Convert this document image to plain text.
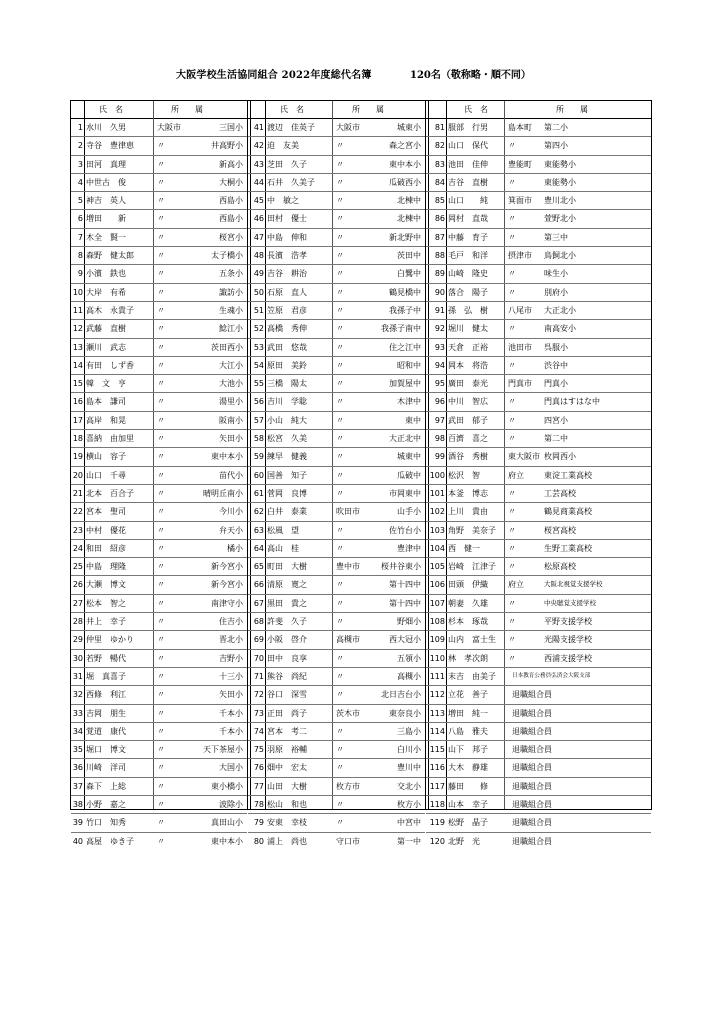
大阪学校生活協同組合 2022年度総代名簿	120名（敬称略・順不同）
氏　名	所　　属
1 水川　久男	大阪市	三国小
2 寺谷　豊律恵	〃	井高野小
3 田河　真理	〃	新高小
4 中世古　俊	〃	大桐小
5 神吉　英人	〃	西島小
6 増田　　新	〃	西島小
7 木全　賢一	〃	桜宮小
8 森野　健太郎	〃	太子橋小
9 小濱　鉄也	〃	五条小
10 大岸　有希	〃	諏訪小
11 高木　永貴子	〃	生魂小
12 武藤　直樹	〃	鯰江小
13 瀬川　武志	〃	茨田西小
14 有田　しず香	〃	大江小
15 韓　文　亨	〃	大池小
16 島本　謙司	〃	湯里小
17 高岸　和晃	〃	阪南小
18 喜納　由加里	〃	矢田小
19 横山　容子	〃	東中本小
20 山口　千尋	〃	苗代小
21 北本　百合子	〃	晴明丘南小
22 宮本　聖司	〃	今川小
23 中村　優花	〃	弁天小
24 和田　紹彦	〃	橘小
25 中島　理隆	〃	新今宮小
26 大瀬　博文	〃	新今宮小
27 松本　智之	〃	南津守小
28 井上　幸子	〃	住吉小
29 仲里　ゆかり	〃	晋北小
30 若野　暢代	〃	吉野小
31 堀　真喜子	〃	十三小
32 西條　利江	〃	矢田小
33 吉岡　朋生	〃	千本小
34 覚道　康代	〃	千本小
35 堀口　博文	〃	天下茶屋小
36 川崎　洋司	〃	大国小
37 森下　上総	〃	東小橋小
38 小野　嘉之	〃	波除小
39 竹口　知秀	〃	真田山小
40 高屋　ゆき子	〃	東中本小
氏　名	所　　属
41 渡辺　佳英子	大阪市	城東小
42 迫　友美	〃	森之宮小
43 芝田　久子	〃	東中本小
44 石井　久美子	〃	瓜破西小
45 中　敏之	〃	北棟中
46 田村　優士	〃	北棟中
47 中島　伸和	〃	新北野中
48 長濱　浩孝	〃	茨田中
49 吉谷　耕治	〃	白鷺中
50 石原　直人	〃	鶴見橋中
51 笠原　君彦	〃	我孫子中
52 高橋　秀伸	〃	我孫子南中
53 武田　悠哉	〃	住之江中
54 原田　美鈴	〃	昭和中
55 三橋　陽太	〃	加賀屋中
56 吉川　学聡	〃	木津中
57 小山　純大	〃	東中
58 松宮　久美	〃	大正北中
59 練早　健義	〃	城東中
60 国善　知子	〃	瓜破中
61 菅岡　良博	〃	市岡東中
62 白井　泰業	吹田市	山手小
63 松風　望	〃	佐竹台小
64 高山　桂	〃	豊津中
65 町田　大樹	豊中市	桜井谷東小
66 清原　寛之	〃	第十四中
67 黒田　貴之	〃	第十四中
68 許斐　久子	〃	野畑小
69 小阪　啓介	高槻市	西大冠小
70 田中　良享	〃	五領小
71 熊谷　尚紀	〃	高槻小
72 谷口　深雪	〃	北日吉台小
73 正田　尚子	茨木市	東奈良小
74 宮本　考二	〃	三島小
75 羽原　裕輔	〃	白川小
76 畑中　宏太	〃	豊川中
77 山田　大樹	枚方市	交北小
78 松山　和也	〃	枚方小
79 安東　幸枝	〃	中宮中
80 浦上　尚也	守口市	第一中
氏　名	所　　属
81 服部　行男	島本町	第二小
82 山口　保代	〃	第四小
83 池田　佳伸	豊能町	東能勢小
84 吉谷　直樹	〃	東能勢小
85 山口　　純	箕面市	豊川北小
86 岡村　直哉	〃	萱野北小
87 中藤　育子	〃	第三中
88 毛戸　和洋	摂津市	鳥飼北小
89 山崎　隆史	〃	味生小
90 落合　陽子	〃	別府小
91 孫　弘　樹	八尾市	大正北小
92 堀川　健太	〃	南高安小
93 天倉　正裕	池田市	呉服小
94 岡本　将浩	〃	渋谷中
95 廣田　泰光	門真市	門真小
96 中川　智広	〃	門真はすはな中
97 武田　郁子	〃	四宮小
98 百濟　喜之	〃	第二中
99 酒谷　秀樹	東大阪市 枚岡西小
100 松沢　智	府立	東淀工業高校
101 本釜　博志	〃	工芸高校
102 上川　貴由	〃	鶴見商業高校
103 角野　美奈子 〃	桜宮高校
104 西　健一	〃	生野工業高校
105 岩崎　江津子 〃	松原高校
106 田頭　伊織	府立	大阪北視覚支援学校
107 朝妻　久雄	〃	中央聴覚支援学校
108 杉本　琢哉	〃	平野支援学校
109 山内　富士生 〃	光陽支援学校
110 林　孝次朗	〃	西浦支援学校
111 末吉　由美子	日本教育公務員弘済会大阪支部
112 立花　善子	退職組合員
113 増田　純一	退職組合員
114 八島　雅夫	退職組合員
115 山下　邦子	退職組合員
116 大木　静雄	退職組合員
117 藤田　　修	退職組合員
118 山本　幸子	退職組合員
119 松野　晶子	退職組合員
120 北野　光	退職組合員
